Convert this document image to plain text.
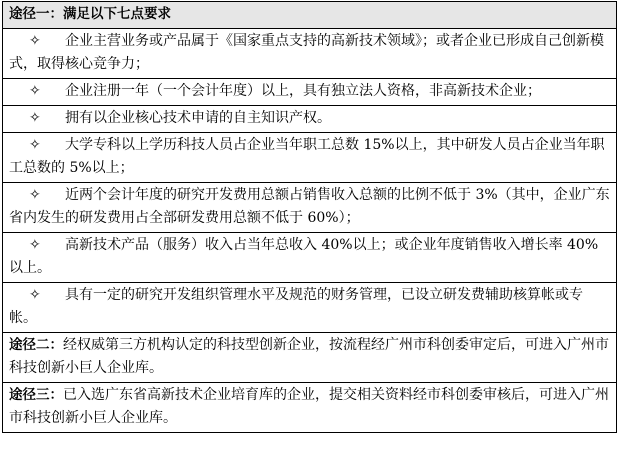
途径一：满足以下七点要求

✧ 企业主营业务或产品属于《国家重点支持的高新技术领域》；或者企业已形成自己创新模式，取得核心竞争力；

✧ 企业注册一年（一个会计年度）以上，具有独立法人资格，非高新技术企业；

✧ 拥有以企业核心技术申请的自主知识产权。

✧ 大学专科以上学历科技人员占企业当年职工总数 15%以上，其中研发人员占企业当年职工总数的 5%以上；

✧ 近两个会计年度的研究开发费用总额占销售收入总额的比例不低于 3%（其中，企业广东省内发生的研发费用占全部研发费用总额不低于 60%）；

✧ 高新技术产品（服务）收入占当年总收入 40%以上；或企业年度销售收入增长率 40%以上。

✧ 具有一定的研究开发组织管理水平及规范的财务管理，已设立研发费辅助核算帐或专帐。

途径二：经权威第三方机构认定的科技型创新企业，按流程经广州市科创委审定后，可进入广州市科技创新小巨人企业库。
途径三：已入选广东省高新技术企业培育库的企业，提交相关资料经市科创委审核后，可进入广州市科技创新小巨人企业库。
